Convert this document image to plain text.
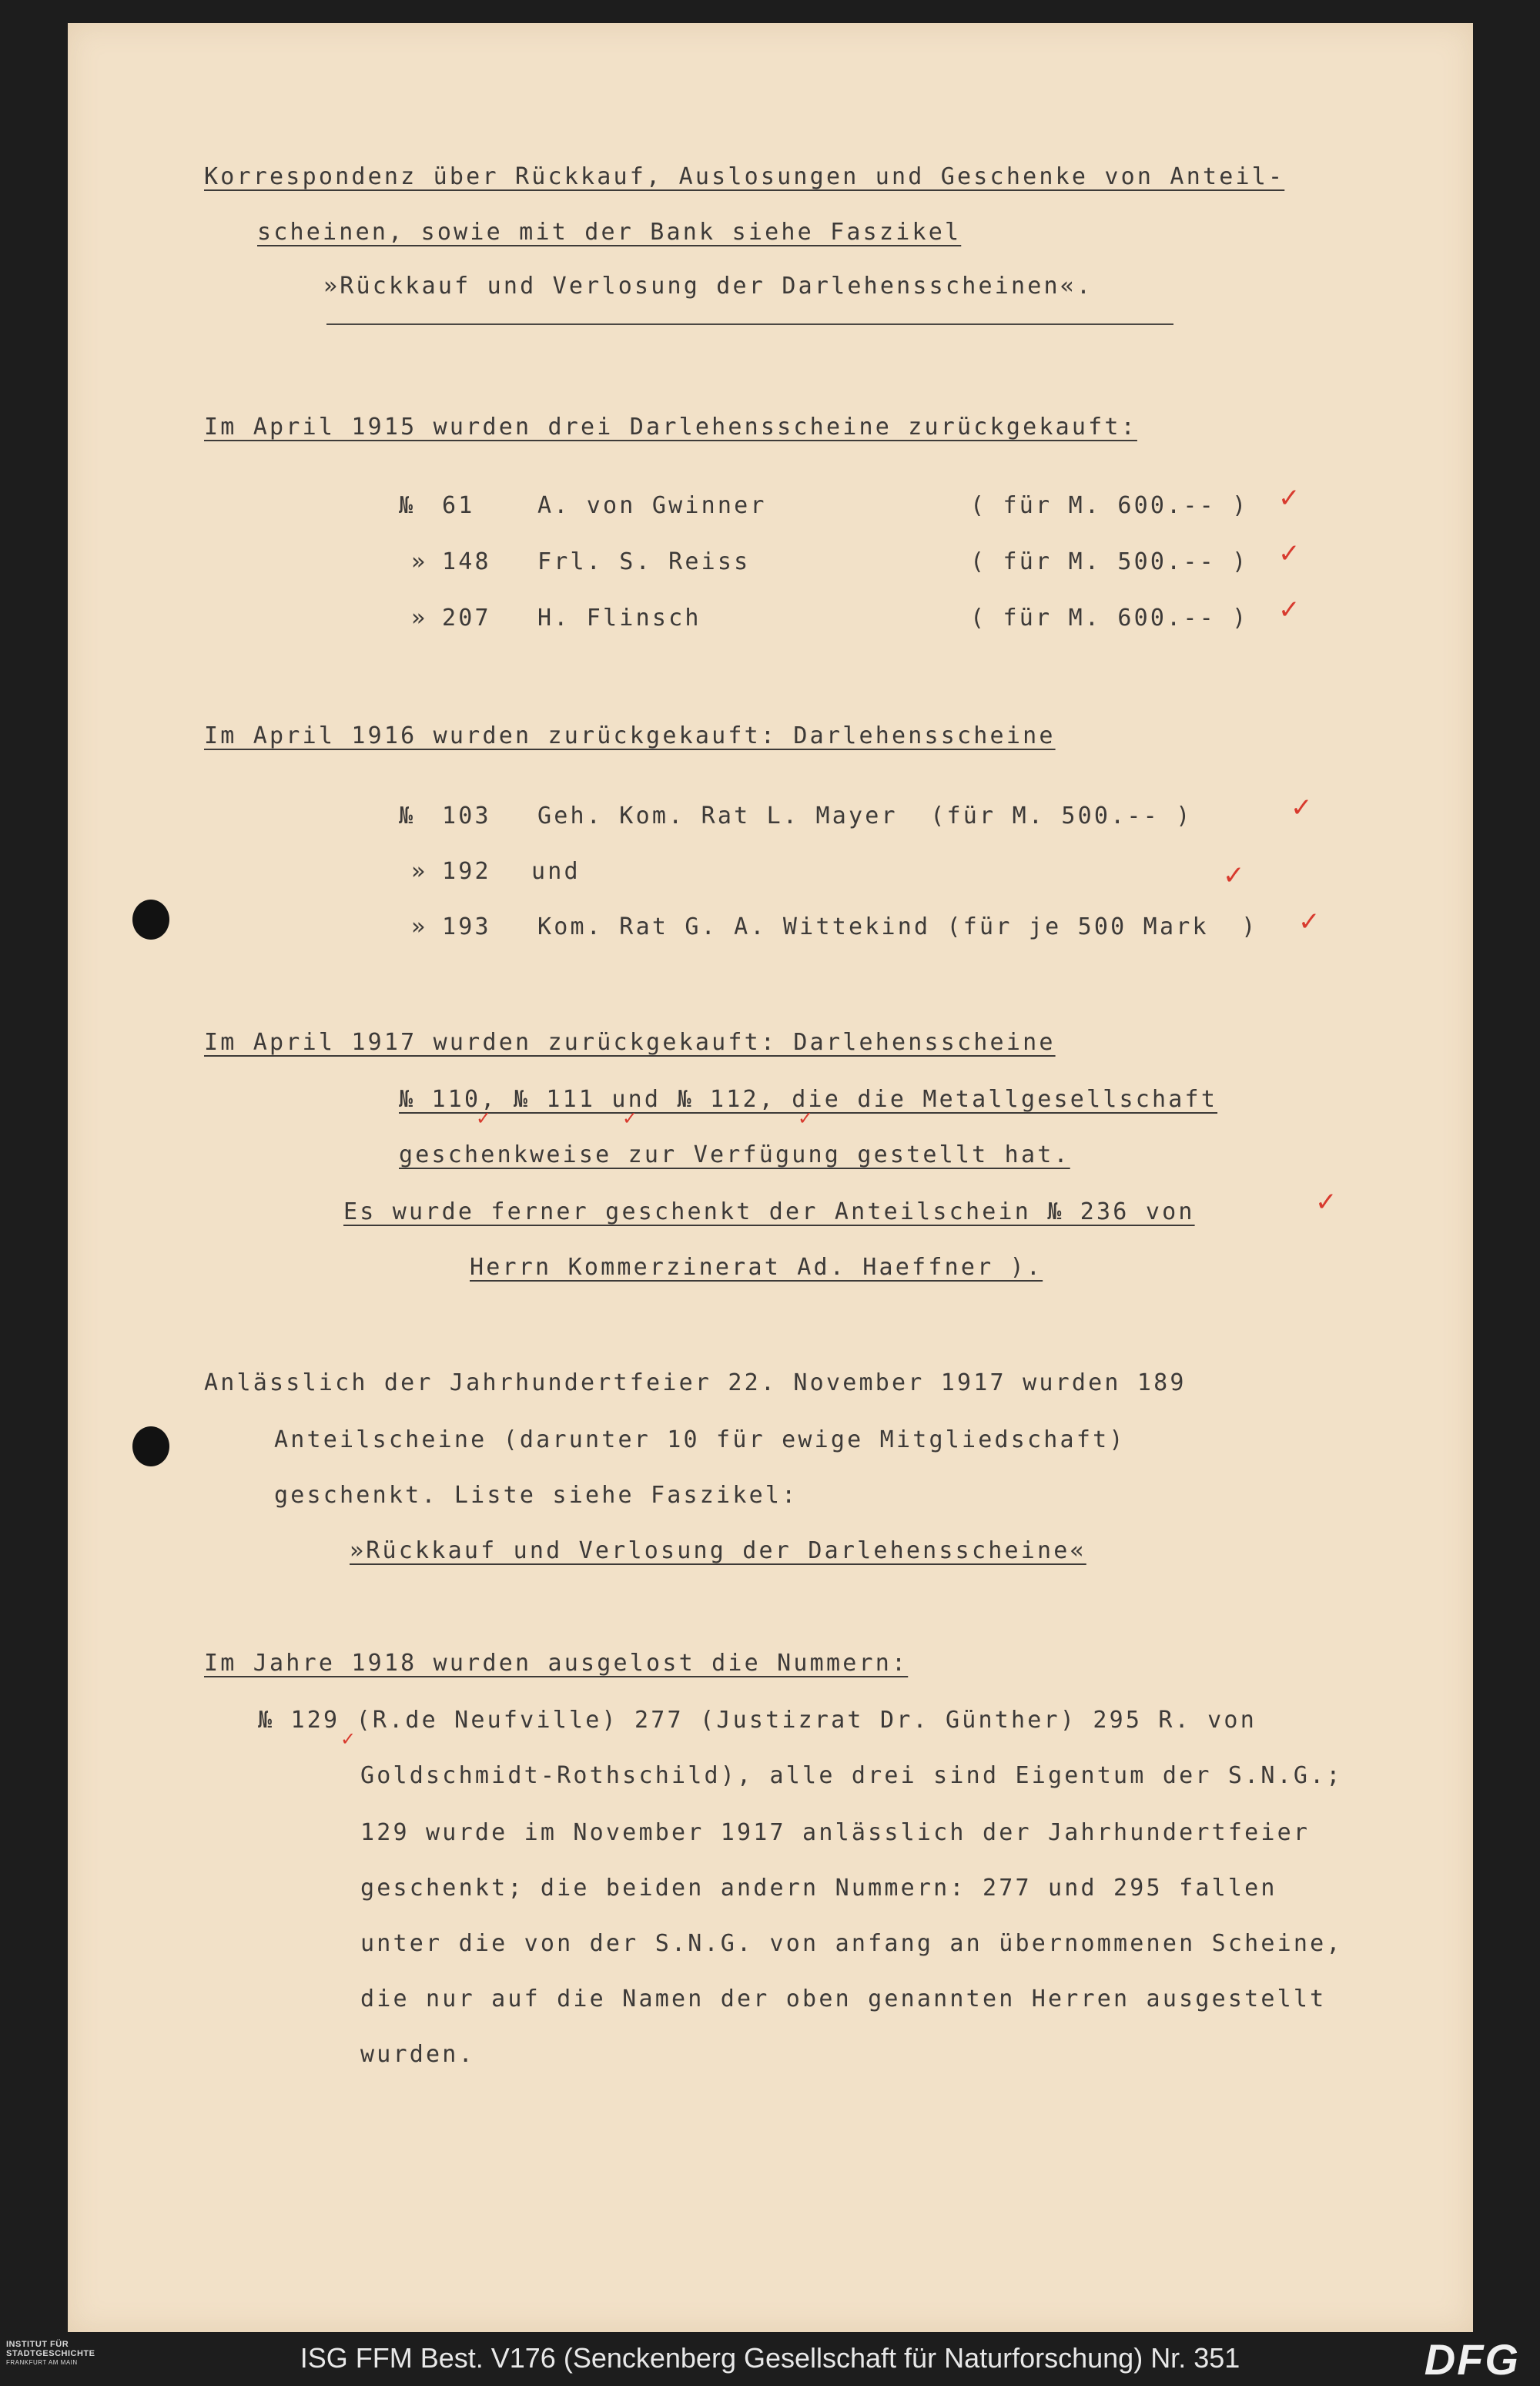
Korrespondenz über Rückkauf, Auslosungen und Geschenke von Anteil-
scheinen, sowie mit der Bank siehe Faszikel
»Rückkauf und Verlosung der Darlehensscheinen«.
Im April 1915 wurden drei Darlehensscheine zurückgekauft:
№ 61	A. von Gwinner	( für M. 600.-- ) ✓
» 148 Frl. S. Reiss	( für M. 500.-- ) ✓
» 207 H. Flinsch	( für M. 600.-- ) ✓
Im April 1916 wurden zurückgekauft: Darlehensscheine
№ 103 Geh. Kom. Rat L. Mayer  (für M. 500.-- )	✓
» 192 und	✓
» 193 Kom. Rat G. A. Wittekind (für je 500 Mark  ) ✓
Im April 1917 wurden zurückgekauft: Darlehensscheine
№ 110, № 111 und № 112, die die Metallgesellschaft
✓	✓	✓
geschenkweise zur Verfügung gestellt hat.
Es wurde ferner geschenkt der Anteilschein № 236 von	✓
Herrn Kommerzinerat Ad. Haeffner ).
Anlässlich der Jahrhundertfeier 22. November 1917 wurden 189
Anteilscheine (darunter 10 für ewige Mitgliedschaft)
geschenkt. Liste siehe Faszikel:
»Rückkauf und Verlosung der Darlehensscheine«
Im Jahre 1918 wurden ausgelost die Nummern:
№ 129 (R.de Neufville) 277 (Justizrat Dr. Günther) 295 R. von
✓
Goldschmidt-Rothschild), alle drei sind Eigentum der S.N.G.;
129 wurde im November 1917 anlässlich der Jahrhundertfeier
geschenkt; die beiden andern Nummern: 277 und 295 fallen
unter die von der S.N.G. von anfang an übernommenen Scheine,
die nur auf die Namen der oben genannten Herren ausgestellt
wurden.
INSTITUT FÜR
STADTGESCHICHTE
FRANKFURT AM MAIN	ISG FFM Best. V176 (Senckenberg Gesellschaft für Naturforschung) Nr. 351	DFG
